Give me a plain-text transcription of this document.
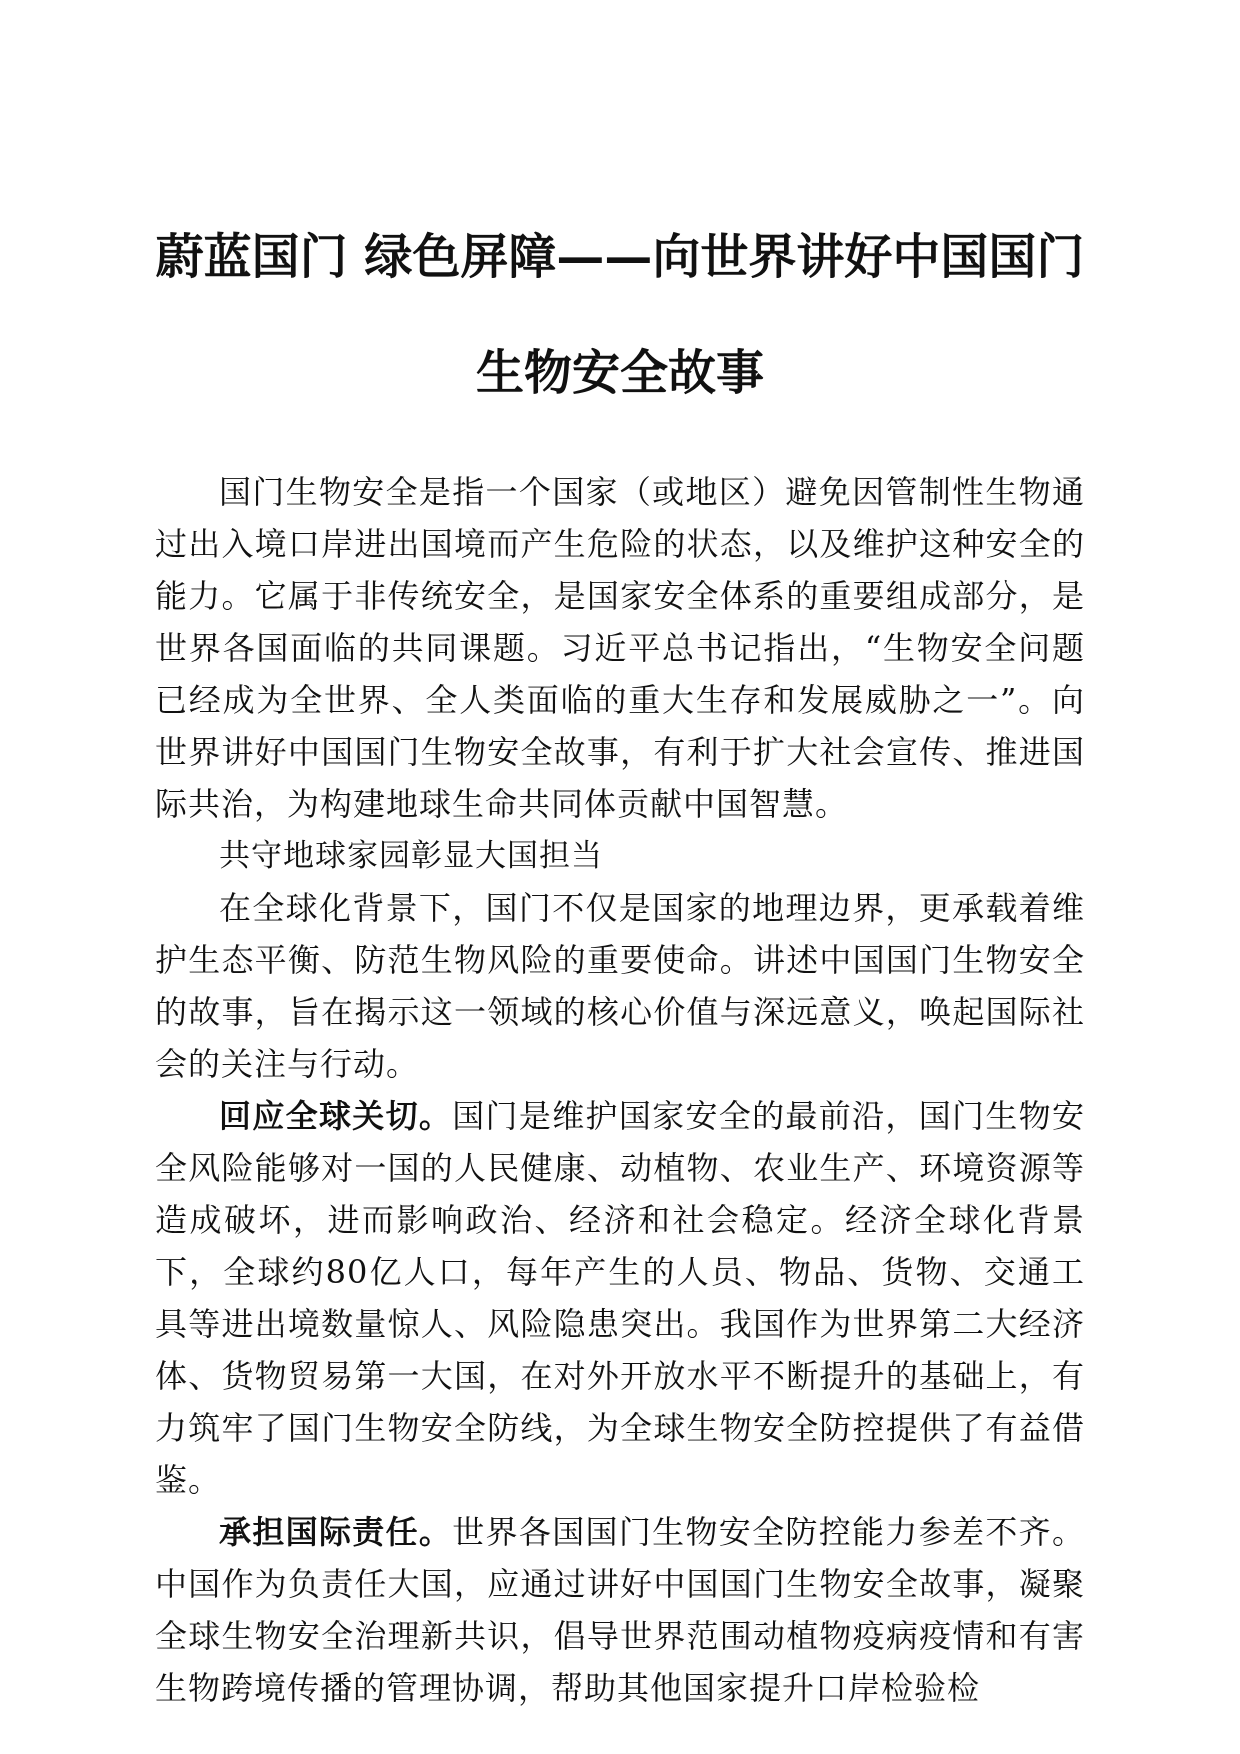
蔚蓝国门 绿色屏障——向世界讲好中国国门
生物安全故事

国门生物安全是指一个国家（或地区）避免因管制性生物通过出入境口岸进出国境而产生危险的状态，以及维护这种安全的能力。它属于非传统安全，是国家安全体系的重要组成部分，是世界各国面临的共同课题。习近平总书记指出，“生物安全问题已经成为全世界、全人类面临的重大生存和发展威胁之一”。向世界讲好中国国门生物安全故事，有利于扩大社会宣传、推进国际共治，为构建地球生命共同体贡献中国智慧。

共守地球家园彰显大国担当

在全球化背景下，国门不仅是国家的地理边界，更承载着维护生态平衡、防范生物风险的重要使命。讲述中国国门生物安全的故事，旨在揭示这一领域的核心价值与深远意义，唤起国际社会的关注与行动。

回应全球关切。国门是维护国家安全的最前沿，国门生物安全风险能够对一国的人民健康、动植物、农业生产、环境资源等造成破坏，进而影响政治、经济和社会稳定。经济全球化背景下，全球约80亿人口，每年产生的人员、物品、货物、交通工具等进出境数量惊人、风险隐患突出。我国作为世界第二大经济体、货物贸易第一大国，在对外开放水平不断提升的基础上，有力筑牢了国门生物安全防线，为全球生物安全防控提供了有益借鉴。

承担国际责任。世界各国国门生物安全防控能力参差不齐。中国作为负责任大国，应通过讲好中国国门生物安全故事，凝聚全球生物安全治理新共识，倡导世界范围动植物疫病疫情和有害生物跨境传播的管理协调，帮助其他国家提升口岸检验检
